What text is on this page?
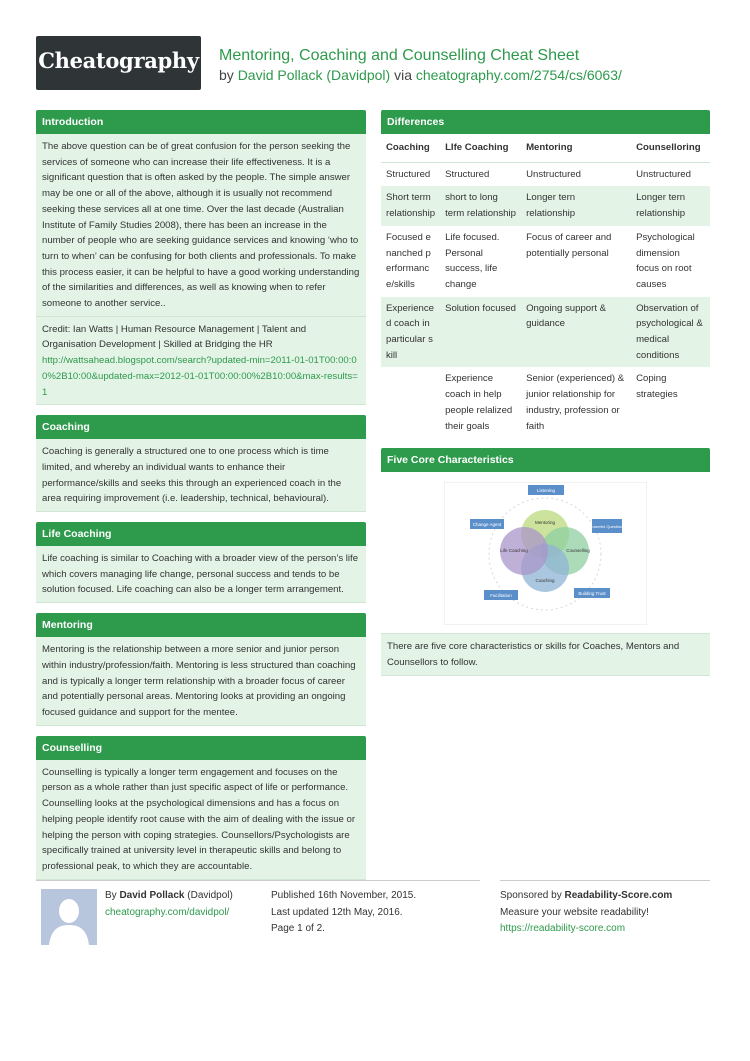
Cheatography Mentoring, Coaching and Counselling Cheat Sheet
by David Pollack (Davidpol) via cheatography.com/2754/cs/6063/
Introduction
The above question can be of great confusion for the person seeking the services of someone who can increase their life effectiveness. It is a significant question that is often asked by the people. The simple answer may be one or all of the above, although it is usually not recommend seeking these services all at one time. Over the last decade (Australian Institute of Family Studies 2008), there has been an increase in the number of people who are seeking guidance services and knowing ‘who to turn to when’ can be confusing for both clients and professionals. To make this process easier, it can be helpful to have a good working understanding of the similarities and differences, as well as knowing when to refer someone to another service..
Credit: Ian Watts | Human Resource Management | Talent and Organisation Development | Skilled at Bridging the HR
http://wattsahead.blogspot.com/search?updated-min=2011-01-01T00:00:00%2B10:00&updated-max=2012-01-01T00:00:00%2B10:00&max-results=1
Coaching
Coaching is generally a structured one to one process which is time limited, and whereby an individual wants to enhance their performance/skills and seeks this through an experienced coach in the area requiring improvement (i.e. leadership, technical, behavioural).
Life Coaching
Life coaching is similar to Coaching with a broader view of the person’s life which covers managing life change, personal success and tends to be solution focused. Life coaching can also be a longer term arrangement.
Mentoring
Mentoring is the relationship between a more senior and junior person within industry/profession/faith. Mentoring is less structured than coaching and is typically a longer term relationship with a broader focus of career and potentially personal areas. Mentoring looks at providing an ongoing focused guidance and support for the mentee.
Counselling
Counselling is typically a longer term engagement and focuses on the person as a whole rather than just specific aspect of life or performance. Counselling looks at the psychological dimensions and has a focus on helping people identify root cause with the aim of dealing with the issue or helping the person with coping strategies. Counsellors/Psychologists are specifically trained at university level in therapeutic skills and belong to professional peak, to which they are accountable.
Differences
Coaching	LIfe Coaching	Mentoring	Counselloring
Structured	Structured	Unstructured	Unstructured
Short term relationship	short to long term relationship	Longer tern relationship	Longer tern relationship
Focused enanched performance/skills	Life focused. Personal success, life change	Focus of career and potentially personal	Psychological dimension focus on root causes
Experienced coach in particular skill	Solution focused	Ongoing support & guidance	Observation of psychological & medical conditions
	Experience coach in help people relalized their goals	Senior (experienced) & junior relationship for industry, profession or faith	Coping strategies
Five Core Characteristics
Mentoring
Counselling
Coaching
Life Coaching
Listening
Powerful Questions
Building Trust
Facilitation
Change Agent
There are five core characteristics or skills for Coaches, Mentors and Counsellors to follow.
By David Pollack (Davidpol)
cheatography.com/davidpol/
Published 16th November, 2015.
Last updated 12th May, 2016.
Page 1 of 2.
Sponsored by Readability-Score.com
Measure your website readability!
https://readability-score.com
